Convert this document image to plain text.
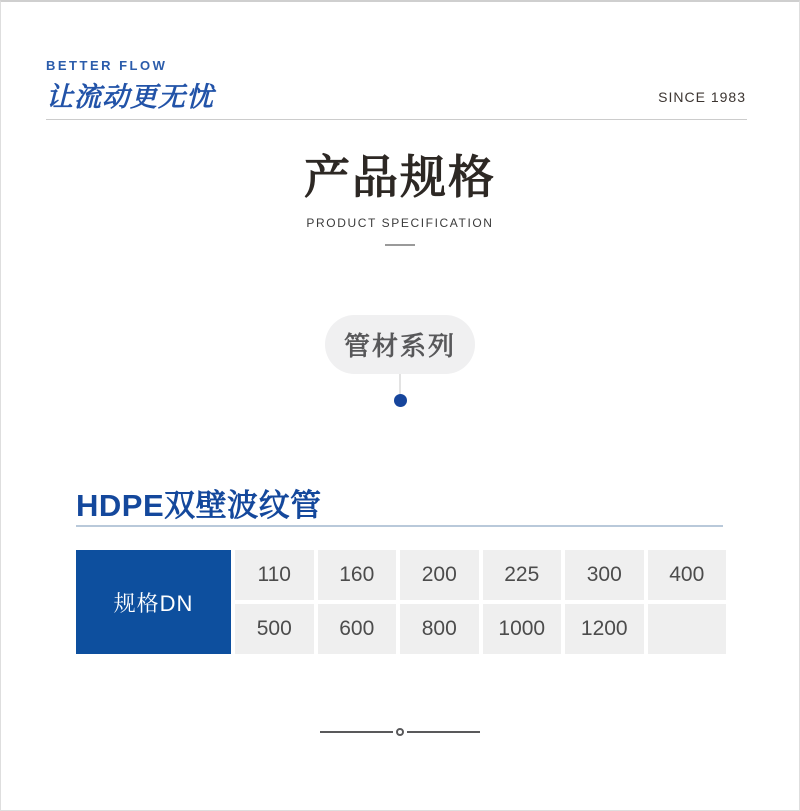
BETTER FLOW
让流动更无忧	SINCE 1983
产品规格
PRODUCT SPECIFICATION
管材系列
HDPE双壁波纹管
规格DN
110	160	200	225	300	400
500	600	800	1000	1200
